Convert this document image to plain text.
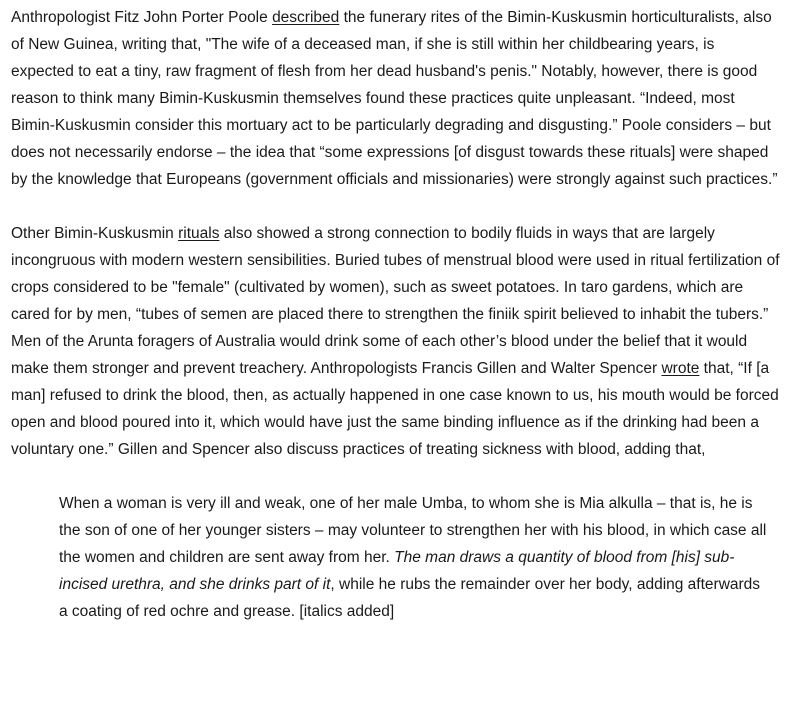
Anthropologist Fitz John Porter Poole described the funerary rites of the Bimin-Kuskusmin horticulturalists, also of New Guinea, writing that, "The wife of a deceased man, if she is still within her childbearing years, is expected to eat a tiny, raw fragment of flesh from her dead husband's penis." Notably, however, there is good reason to think many Bimin-Kuskusmin themselves found these practices quite unpleasant. “Indeed, most Bimin-Kuskusmin consider this mortuary act to be particularly degrading and disgusting.” Poole considers – but does not necessarily endorse – the idea that “some expressions [of disgust towards these rituals] were shaped by the knowledge that Europeans (government officials and missionaries) were strongly against such practices.”

Other Bimin-Kuskusmin rituals also showed a strong connection to bodily fluids in ways that are largely incongruous with modern western sensibilities. Buried tubes of menstrual blood were used in ritual fertilization of crops considered to be "female" (cultivated by women), such as sweet potatoes. In taro gardens, which are cared for by men, “tubes of semen are placed there to strengthen the finiik spirit believed to inhabit the tubers.” Men of the Arunta foragers of Australia would drink some of each other’s blood under the belief that it would make them stronger and prevent treachery. Anthropologists Francis Gillen and Walter Spencer wrote that, “If [a man] refused to drink the blood, then, as actually happened in one case known to us, his mouth would be forced open and blood poured into it, which would have just the same binding influence as if the drinking had been a voluntary one.” Gillen and Spencer also discuss practices of treating sickness with blood, adding that,

When a woman is very ill and weak, one of her male Umba, to whom she is Mia alkulla – that is, he is the son of one of her younger sisters – may volunteer to strengthen her with his blood, in which case all the women and children are sent away from her. The man draws a quantity of blood from [his] sub-incised urethra, and she drinks part of it, while he rubs the remainder over her body, adding afterwards a coating of red ochre and grease. [italics added]
